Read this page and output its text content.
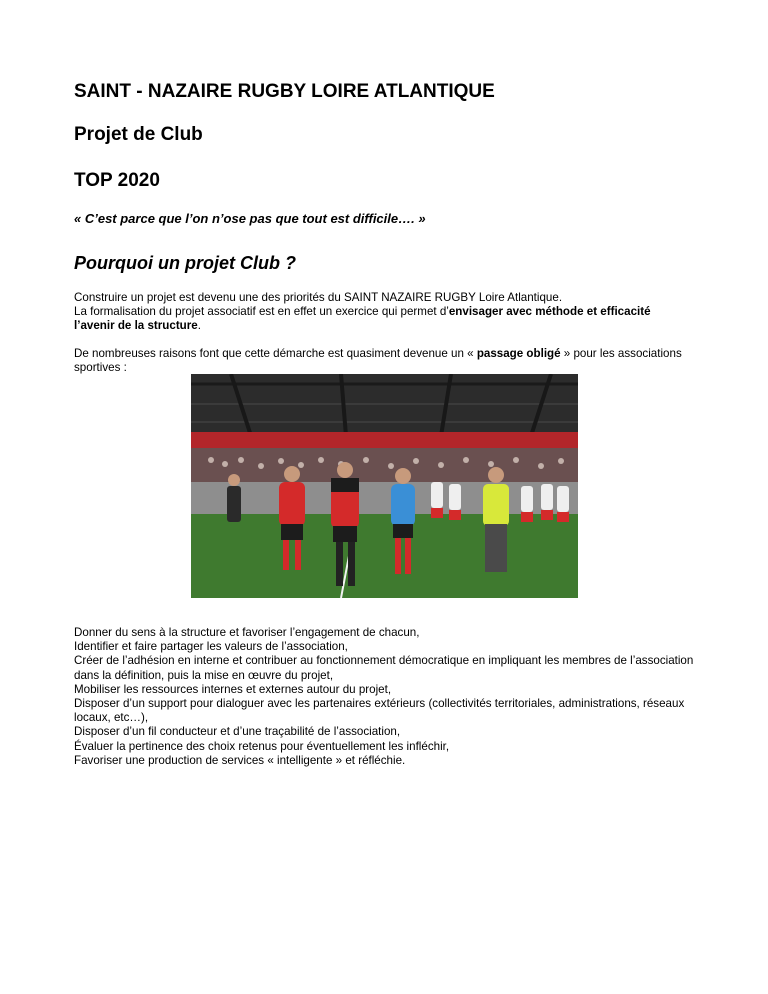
SAINT - NAZAIRE RUGBY LOIRE ATLANTIQUE
Projet de Club
TOP 2020

« C’est parce que l’on n’ose pas que tout est difficile…. »

Pourquoi un projet Club ?

Construire un projet est devenu une des priorités du SAINT NAZAIRE RUGBY Loire Atlantique.
La formalisation du projet associatif est en effet un exercice qui permet d’envisager avec méthode et efficacité l’avenir de la structure.

De nombreuses raisons font que cette démarche est quasiment devenue un « passage obligé » pour les associations sportives :

Donner du sens à la structure et favoriser l’engagement de chacun,
Identifier et faire partager les valeurs de l’association,
Créer de l’adhésion en interne et contribuer au fonctionnement démocratique en impliquant les membres de l’association dans la définition, puis la mise en œuvre du projet,
Mobiliser les ressources internes et externes autour du projet,
Disposer d’un support pour dialoguer avec les partenaires extérieurs (collectivités territoriales, administrations, réseaux locaux, etc…),
Disposer d’un fil conducteur et d’une traçabilité de l’association,
Évaluer la pertinence des choix retenus pour éventuellement les infléchir,
Favoriser une production de services « intelligente » et réfléchie.
